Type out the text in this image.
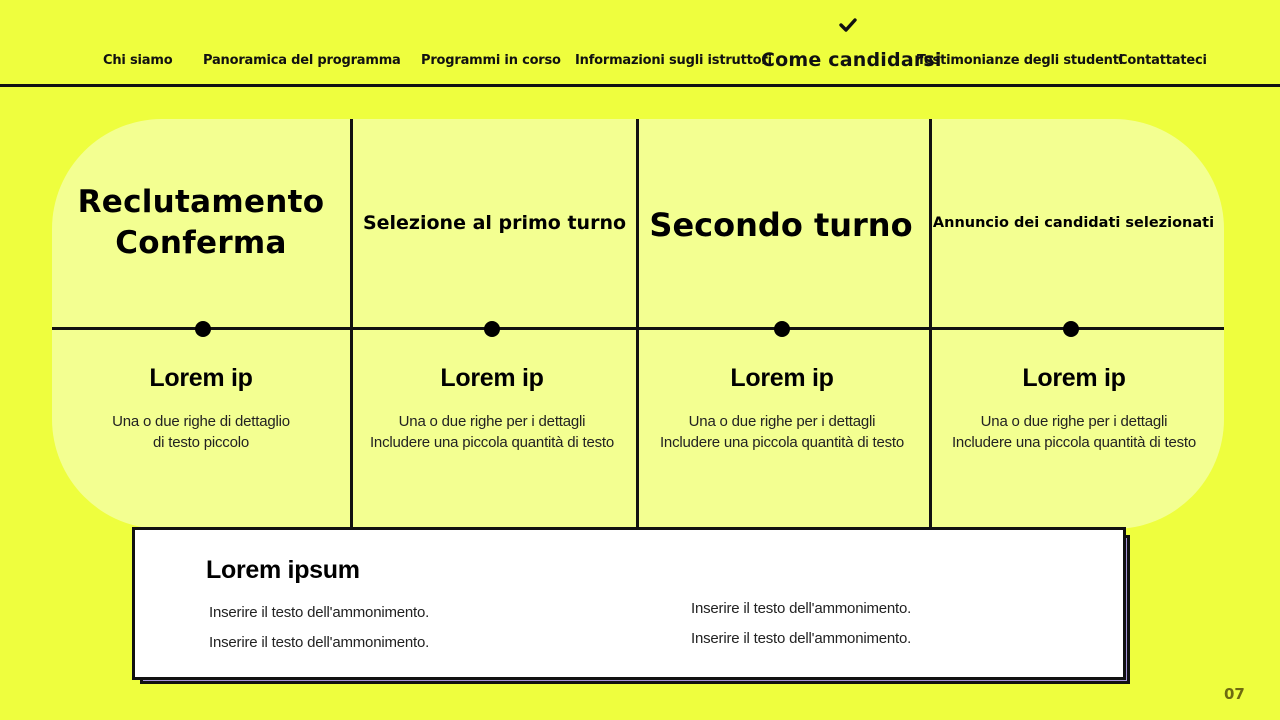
Chi siamo Panoramica del programma Programmi in corso Informazioni sugli istruttori
Come candidarsi
Testimonianze degli studenti
Contattateci
Reclutamento
Conferma
Selezione al primo turno Secondo turno	Annuncio dei candidati selezionati
Lorem ip
Una o due righe di dettaglio
di testo piccolo
Lorem ip
Una o due righe per i dettagli
Includere una piccola quantità di testo
Lorem ip
Una o due righe per i dettagli
Includere una piccola quantità di testo
Lorem ip
Una o due righe per i dettagli
Includere una piccola quantità di testo
Lorem ipsum
Inserire il testo dell'ammonimento.
Inserire il testo dell'ammonimento.
Inserire il testo dell'ammonimento.
Inserire il testo dell'ammonimento.
07
